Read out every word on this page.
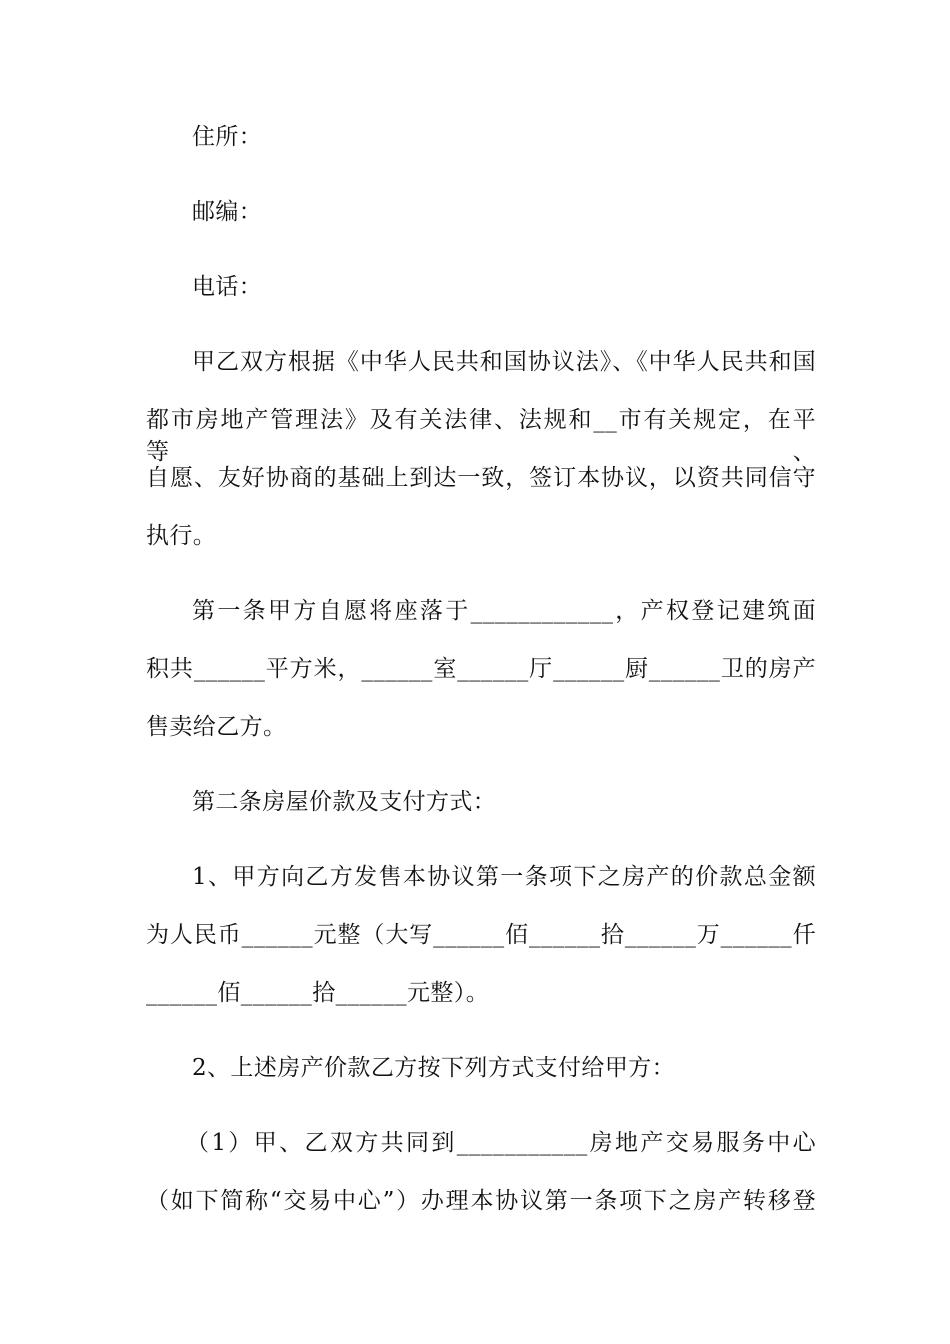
住所：
邮编：
电话：
甲乙双方根据《中华人民共和国协议法》、《中华人民共和国
都市房地产管理法》及有关法律、法规和__市有关规定，在平等、
自愿、友好协商的基础上到达一致，签订本协议，以资共同信守
执行。
第一条甲方自愿将座落于____________，产权登记建筑面
积共______平方米，______室______厅______厨______卫的房产
售卖给乙方。
第二条房屋价款及支付方式：
1、甲方向乙方发售本协议第一条项下之房产的价款总金额
为人民币______元整（大写______佰______拾______万______仟
______佰______拾______元整）。
2、上述房产价款乙方按下列方式支付给甲方：
（1）甲、乙双方共同到___________房地产交易服务中心
（如下简称“交易中心”）办理本协议第一条项下之房产转移登
